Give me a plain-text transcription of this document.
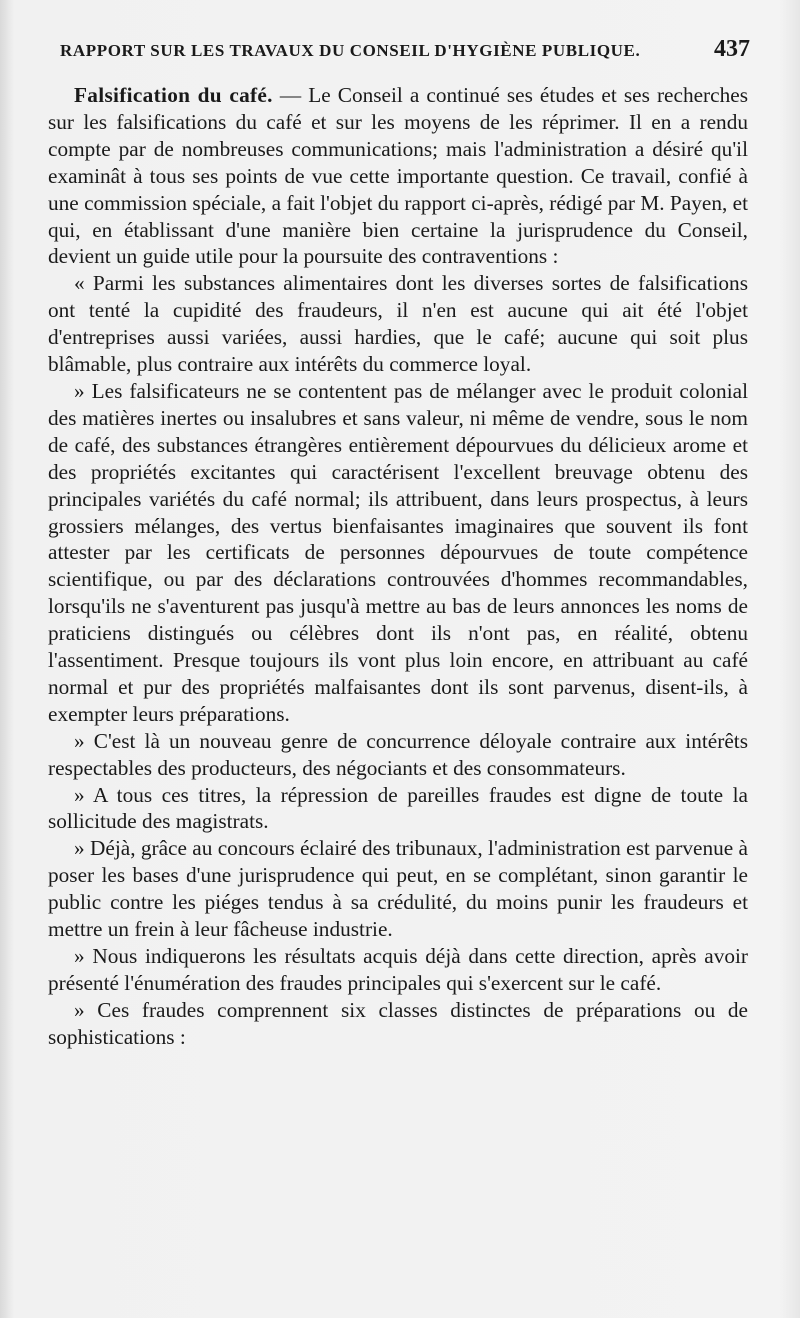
RAPPORT SUR LES TRAVAUX DU CONSEIL D'HYGIÈNE PUBLIQUE.	437

Falsification du café. — Le Conseil a continué ses études et ses recherches sur les falsifications du café et sur les moyens de les réprimer. Il en a rendu compte par de nombreuses communications; mais l'administration a désiré qu'il examinât à tous ses points de vue cette importante question. Ce travail, confié à une commission spéciale, a fait l'objet du rapport ci-après, rédigé par M. Payen, et qui, en établissant d'une manière bien certaine la jurisprudence du Conseil, devient un guide utile pour la poursuite des contraventions :

« Parmi les substances alimentaires dont les diverses sortes de falsifications ont tenté la cupidité des fraudeurs, il n'en est aucune qui ait été l'objet d'entreprises aussi variées, aussi hardies, que le café; aucune qui soit plus blâmable, plus contraire aux intérêts du commerce loyal.

» Les falsificateurs ne se contentent pas de mélanger avec le produit colonial des matières inertes ou insalubres et sans valeur, ni même de vendre, sous le nom de café, des substances étrangères entièrement dépourvues du délicieux arome et des propriétés excitantes qui caractérisent l'excellent breuvage obtenu des principales variétés du café normal; ils attribuent, dans leurs prospectus, à leurs grossiers mélanges, des vertus bienfaisantes imaginaires que souvent ils font attester par les certificats de personnes dépourvues de toute compétence scientifique, ou par des déclarations controuvées d'hommes recommandables, lorsqu'ils ne s'aventurent pas jusqu'à mettre au bas de leurs annonces les noms de praticiens distingués ou célèbres dont ils n'ont pas, en réalité, obtenu l'assentiment. Presque toujours ils vont plus loin encore, en attribuant au café normal et pur des propriétés malfaisantes dont ils sont parvenus, disent-ils, à exempter leurs préparations.

» C'est là un nouveau genre de concurrence déloyale contraire aux intérêts respectables des producteurs, des négociants et des consommateurs.

» A tous ces titres, la répression de pareilles fraudes est digne de toute la sollicitude des magistrats.

» Déjà, grâce au concours éclairé des tribunaux, l'administration est parvenue à poser les bases d'une jurisprudence qui peut, en se complétant, sinon garantir le public contre les piéges tendus à sa crédulité, du moins punir les fraudeurs et mettre un frein à leur fâcheuse industrie.

» Nous indiquerons les résultats acquis déjà dans cette direction, après avoir présenté l'énumération des fraudes principales qui s'exercent sur le café.

» Ces fraudes comprennent six classes distinctes de préparations ou de sophistications :
